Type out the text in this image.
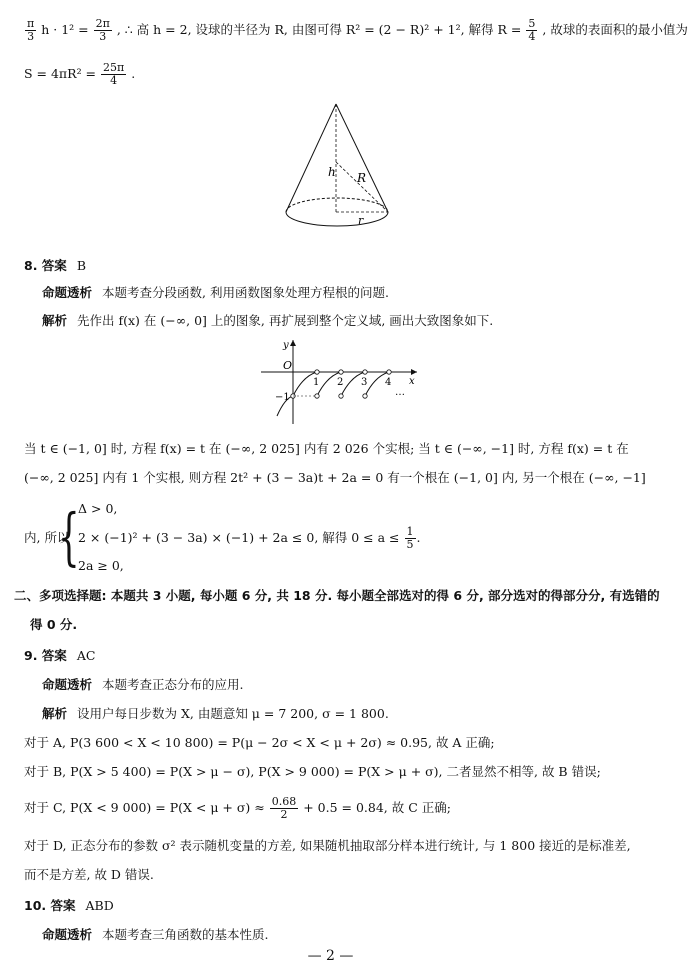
$\frac{\pi}{3}$ $h \cdot 1^2 = \frac{2\pi}{3}$ , ∴ 高 h = 2, 设球的半径为 R, 由图可得 R² = (2 − R)² + 1², 解得 $R = \frac{5}{4}$ , 故球的表面积的最小值为
$S = 4\pi R^2 = \frac{25\pi}{4}$ .
h R
r
8. 答案 B
命题透析 本题考查分段函数, 利用函数图象处理方程根的问题.
解析 先作出 f(x) 在 (−∞, 0] 上的图象, 再扩展到整个定义域, 画出大致图象如下.
y
O
x
−1
1 2 3 4
…
当 t ∈ (−1, 0] 时, 方程 f(x) = t 在 (−∞, 2 025] 内有 2 026 个实根; 当 t ∈ (−∞, −1] 时, 方程 f(x) = t 在
(−∞, 2 025] 内有 1 个实根, 则方程 2t² + (3 − 3a)t + 2a = 0 有一个根在 (−1, 0] 内, 另一个根在 (−∞, −1]
内, 所以
{
Δ > 0,
2 × (−1)² + (3 − 3a) × (−1) + 2a ≤ 0, 解得 $0 \le a \le \frac{1}{5}$ .
2a ≥ 0,
二、多项选择题: 本题共 3 小题, 每小题 6 分, 共 18 分. 每小题全部选对的得 6 分, 部分选对的得部分分, 有选错的
得 0 分.
9. 答案 AC
命题透析 本题考查正态分布的应用.
解析 设用户每日步数为 X, 由题意知 μ = 7 200, σ = 1 800.
对于 A, P(3 600 < X < 10 800) = P(μ − 2σ < X < μ + 2σ) ≈ 0.95, 故 A 正确;
对于 B, P(X > 5 400) = P(X > μ − σ), P(X > 9 000) = P(X > μ + σ), 二者显然不相等, 故 B 错误;
对于 C, P(X < 9 $000) = P(X < \mu + \sigma) \approx \frac{0.68}{2} + 0.5 = 0.84$, 故 C 正确;
对于 D, 正态分布的参数 σ² 表示随机变量的方差, 如果随机抽取部分样本进行统计, 与 1 800 接近的是标准差,
而不是方差, 故 D 错误.
10. 答案 ABD
命题透析 本题考查三角函数的基本性质.
— 2 —
